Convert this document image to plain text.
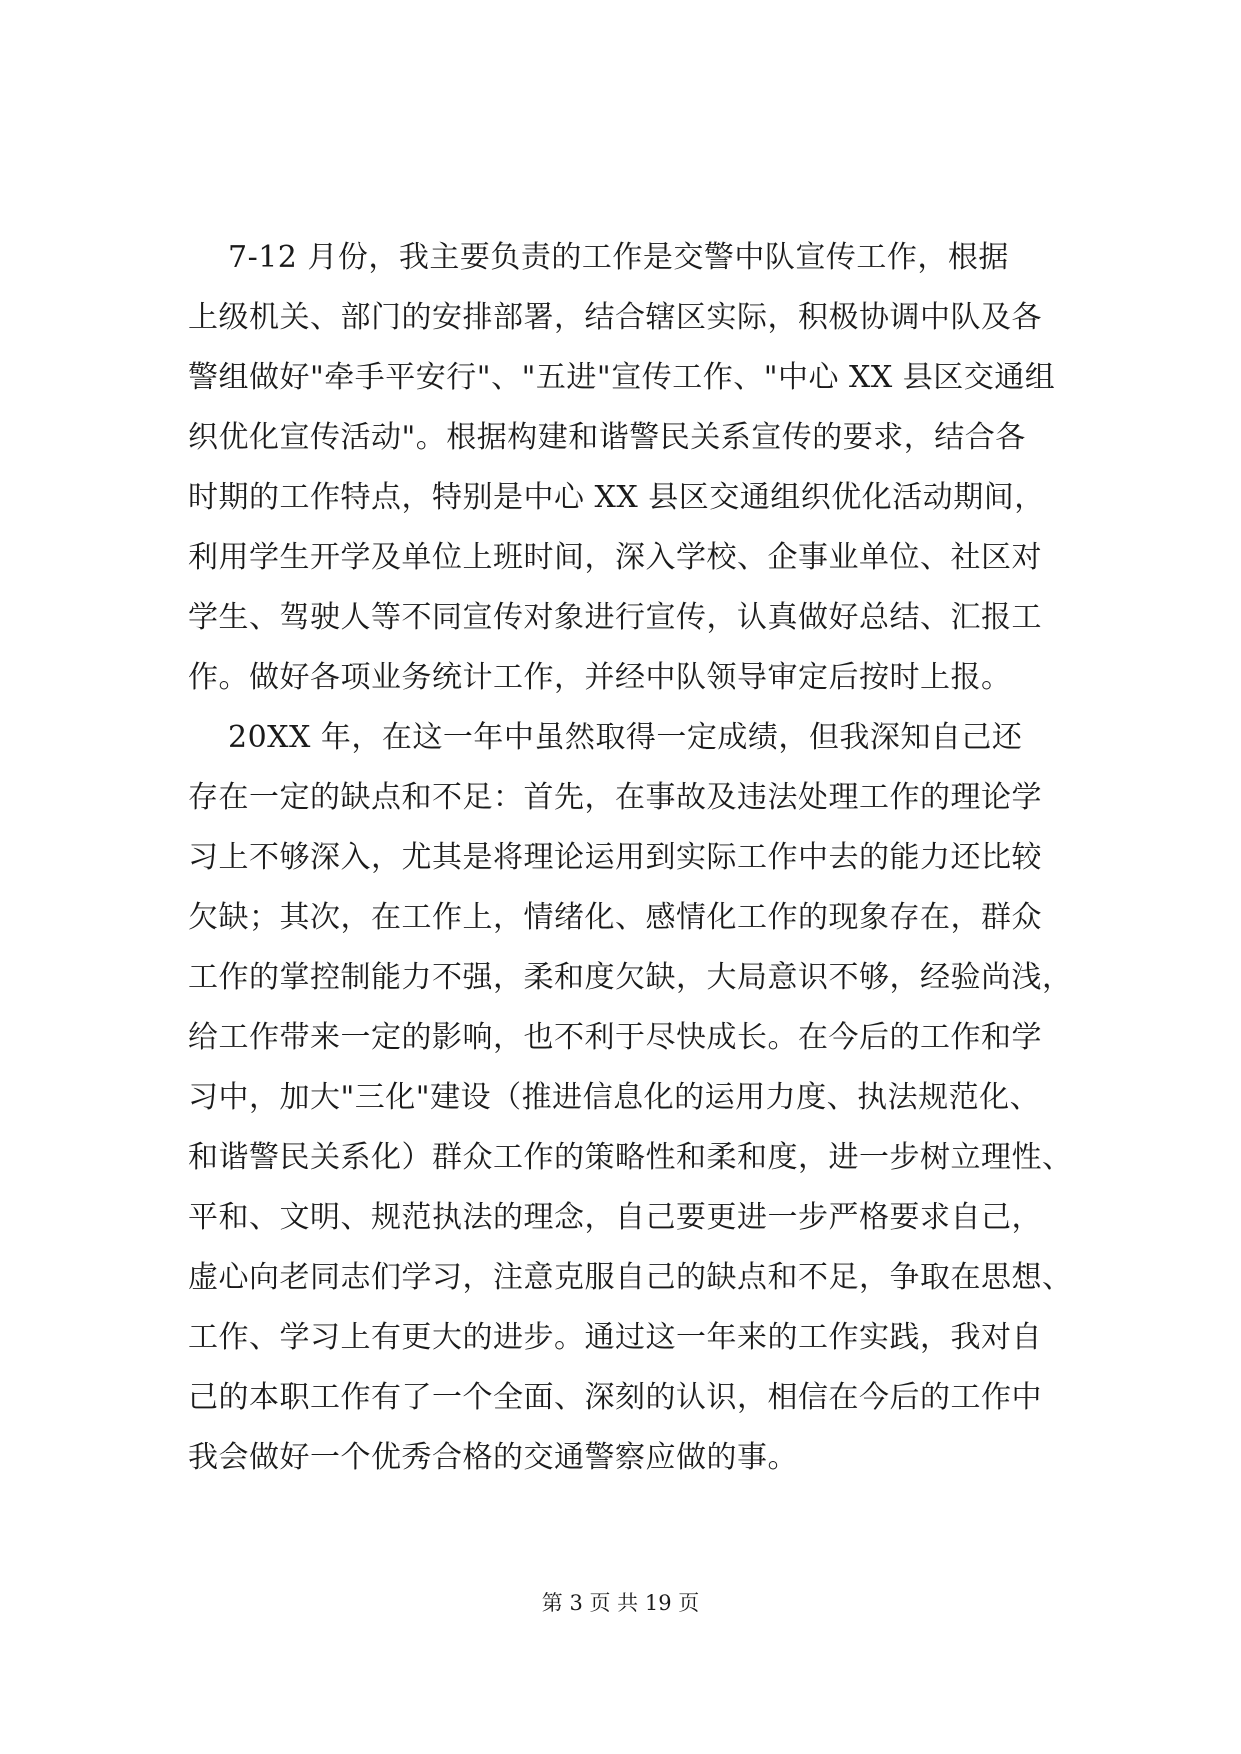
7-12 月份，我主要负责的工作是交警中队宣传工作，根据
上级机关、部门的安排部署，结合辖区实际，积极协调中队及各
警组做好"牵手平安行"、"五进"宣传工作、"中心 XX 县区交通组
织优化宣传活动"。根据构建和谐警民关系宣传的要求，结合各
时期的工作特点，特别是中心 XX 县区交通组织优化活动期间，
利用学生开学及单位上班时间，深入学校、企事业单位、社区对
学生、驾驶人等不同宣传对象进行宣传，认真做好总结、汇报工
作。做好各项业务统计工作，并经中队领导审定后按时上报。
20XX 年，在这一年中虽然取得一定成绩，但我深知自己还
存在一定的缺点和不足：首先，在事故及违法处理工作的理论学
习上不够深入，尤其是将理论运用到实际工作中去的能力还比较
欠缺；其次，在工作上，情绪化、感情化工作的现象存在，群众
工作的掌控制能力不强，柔和度欠缺，大局意识不够，经验尚浅，
给工作带来一定的影响，也不利于尽快成长。在今后的工作和学
习中，加大"三化"建设（推进信息化的运用力度、执法规范化、
和谐警民关系化）群众工作的策略性和柔和度，进一步树立理性、
平和、文明、规范执法的理念，自己要更进一步严格要求自己，
虚心向老同志们学习，注意克服自己的缺点和不足，争取在思想、
工作、学习上有更大的进步。通过这一年来的工作实践，我对自
己的本职工作有了一个全面、深刻的认识，相信在今后的工作中
我会做好一个优秀合格的交通警察应做的事。
第 3 页 共 19 页
